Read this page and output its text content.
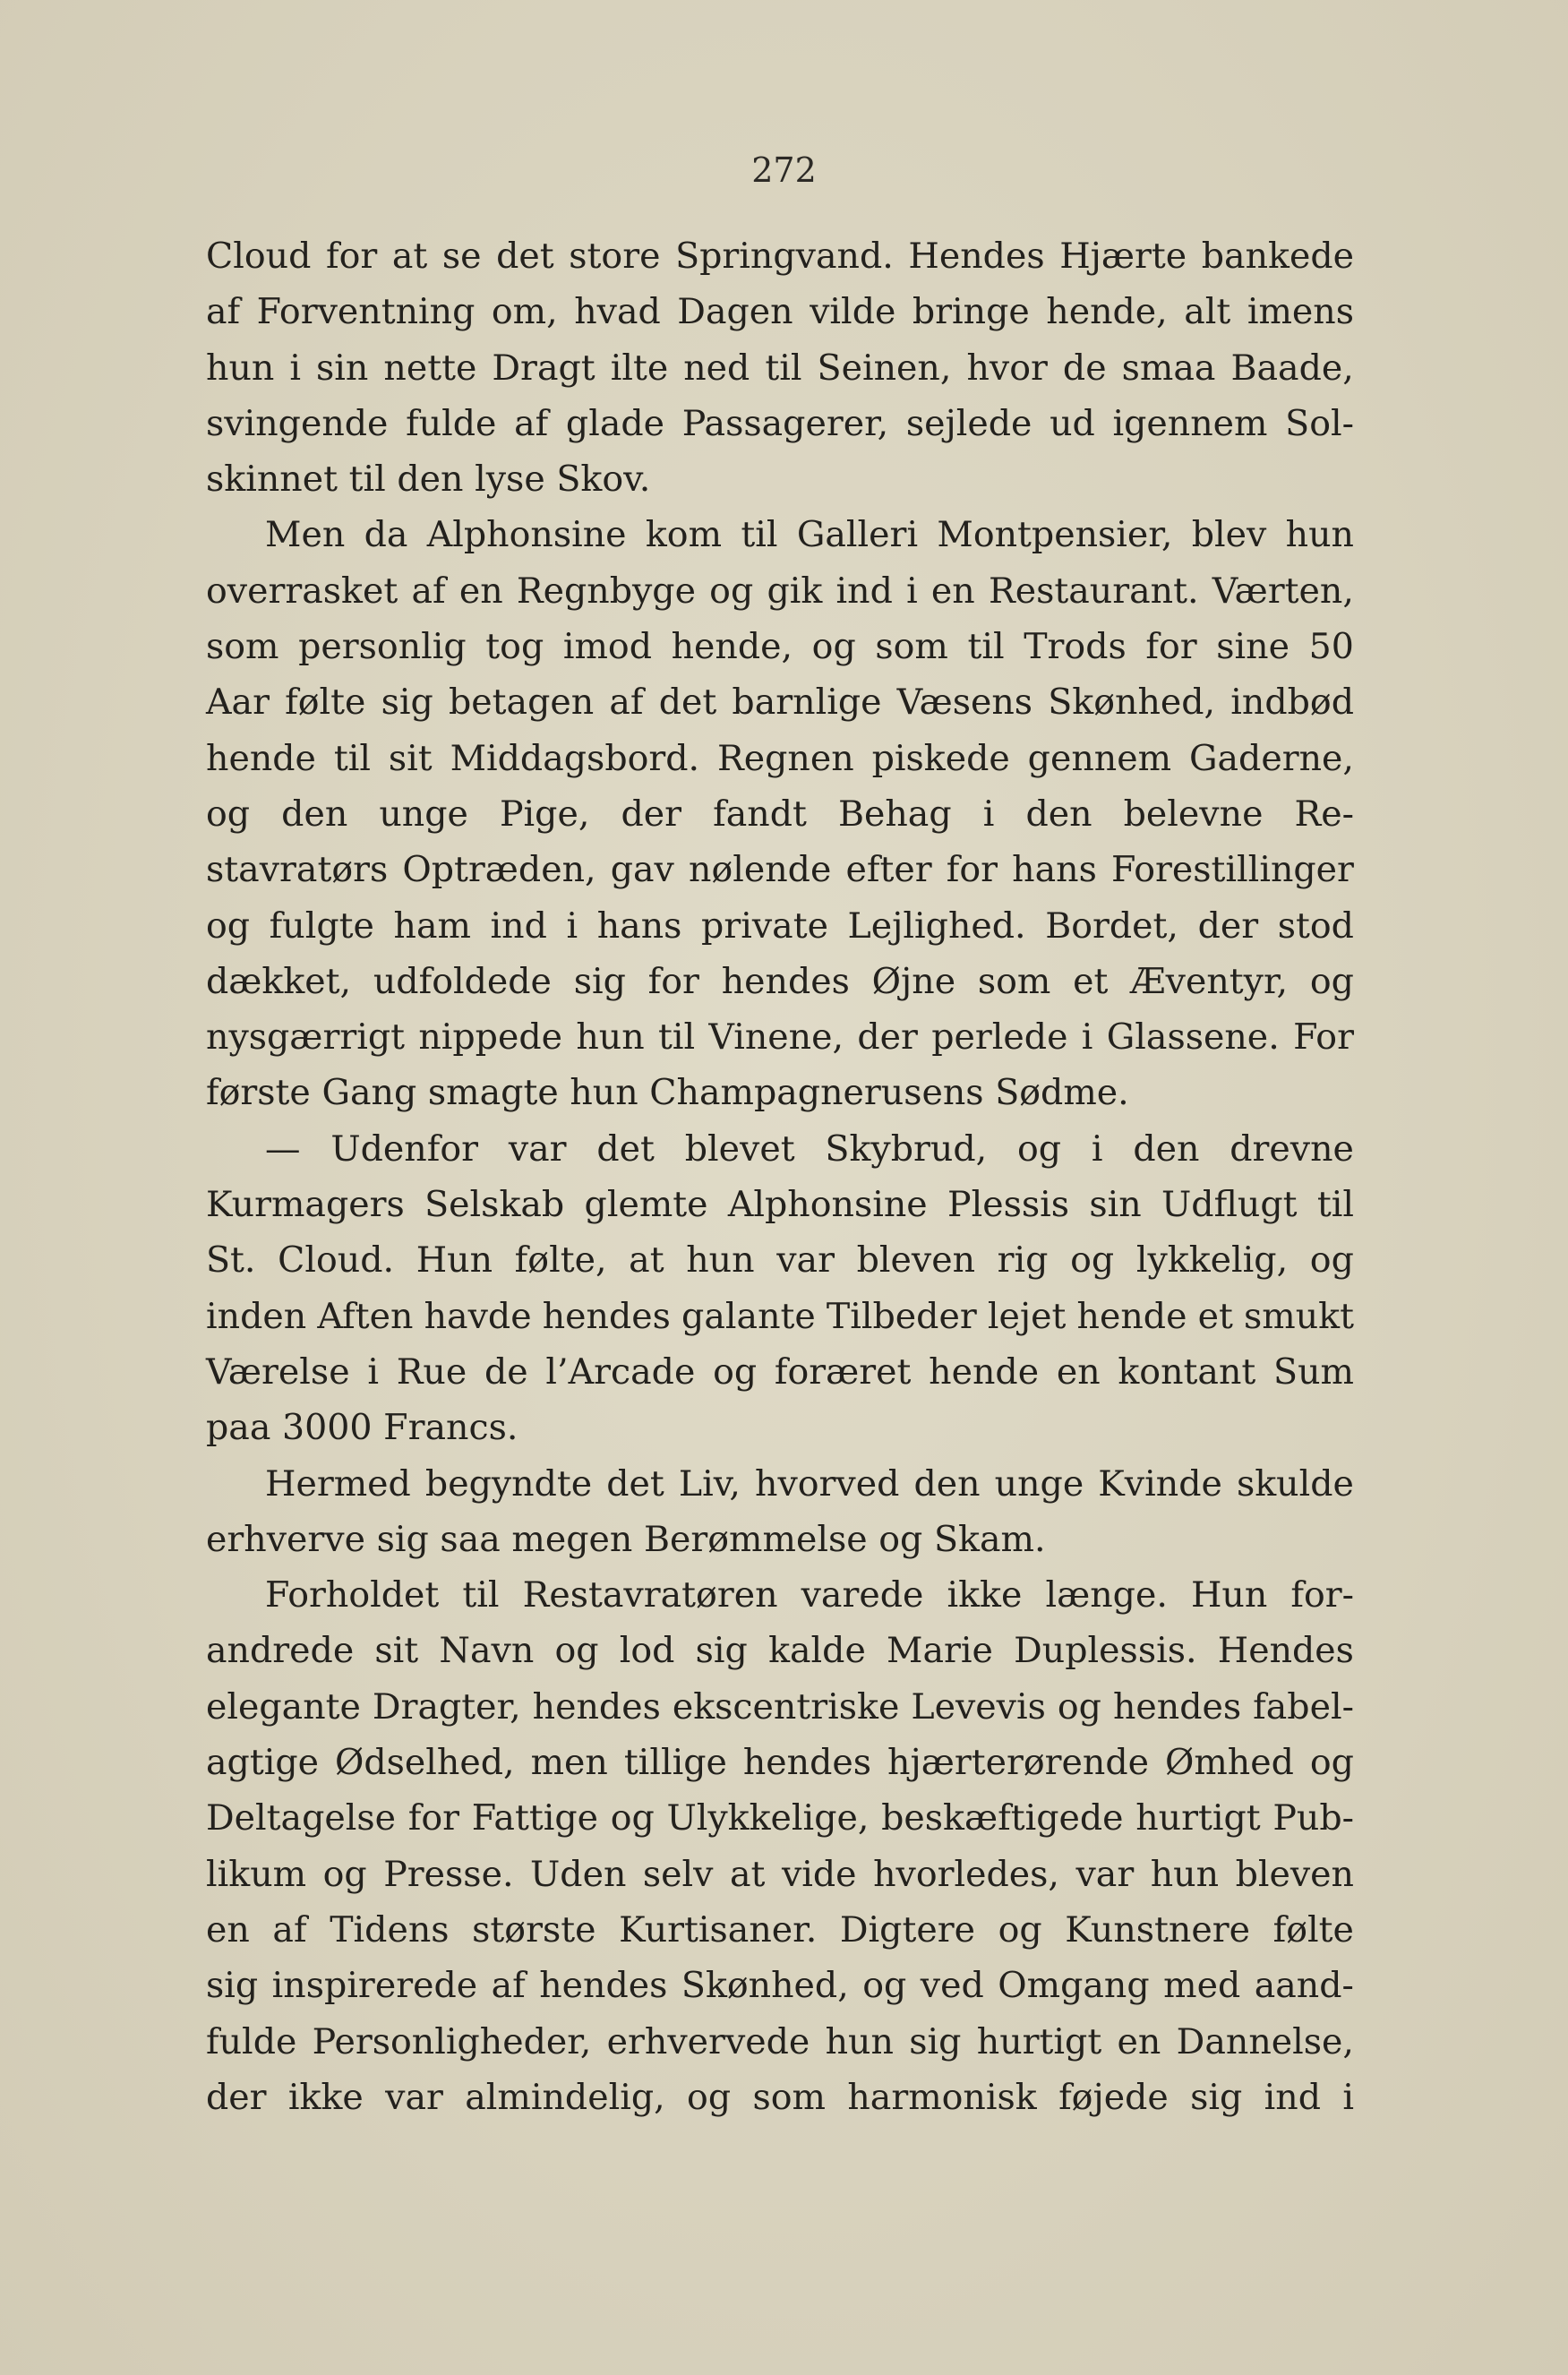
272
Cloud for at se det store Springvand. Hendes Hjærte bankede
af Forventning om, hvad Dagen vilde bringe hende, alt imens
hun i sin nette Dragt ilte ned til Seinen, hvor de smaa Baade,
svingende fulde af glade Passagerer, sejlede ud igennem Sol-
skinnet til den lyse Skov.
Men da Alphonsine kom til Galleri Montpensier, blev hun
overrasket af en Regnbyge og gik ind i en Restaurant. Værten,
som personlig tog imod hende, og som til Trods for sine 50
Aar følte sig betagen af det barnlige Væsens Skønhed, indbød
hende til sit Middagsbord. Regnen piskede gennem Gaderne,
og den unge Pige, der fandt Behag i den belevne Re-
stavratørs Optræden, gav nølende efter for hans Forestillinger
og fulgte ham ind i hans private Lejlighed. Bordet, der stod
dækket, udfoldede sig for hendes Øjne som et Æventyr, og
nysgærrigt nippede hun til Vinene, der perlede i Glassene. For
første Gang smagte hun Champagnerusens Sødme.
— Udenfor var det blevet Skybrud, og i den drevne
Kurmagers Selskab glemte Alphonsine Plessis sin Udflugt til
St. Cloud. Hun følte, at hun var bleven rig og lykkelig, og
inden Aften havde hendes galante Tilbeder lejet hende et smukt
Værelse i Rue de l’Arcade og foræret hende en kontant Sum
paa 3000 Francs.
Hermed begyndte det Liv, hvorved den unge Kvinde skulde
erhverve sig saa megen Berømmelse og Skam.
Forholdet til Restavratøren varede ikke længe. Hun for-
andrede sit Navn og lod sig kalde Marie Duplessis. Hendes
elegante Dragter, hendes ekscentriske Levevis og hendes fabel-
agtige Ødselhed, men tillige hendes hjærterørende Ømhed og
Deltagelse for Fattige og Ulykkelige, beskæftigede hurtigt Pub-
likum og Presse. Uden selv at vide hvorledes, var hun bleven
en af Tidens største Kurtisaner. Digtere og Kunstnere følte
sig inspirerede af hendes Skønhed, og ved Omgang med aand-
fulde Personligheder, erhvervede hun sig hurtigt en Dannelse,
der ikke var almindelig, og som harmonisk føjede sig ind i
